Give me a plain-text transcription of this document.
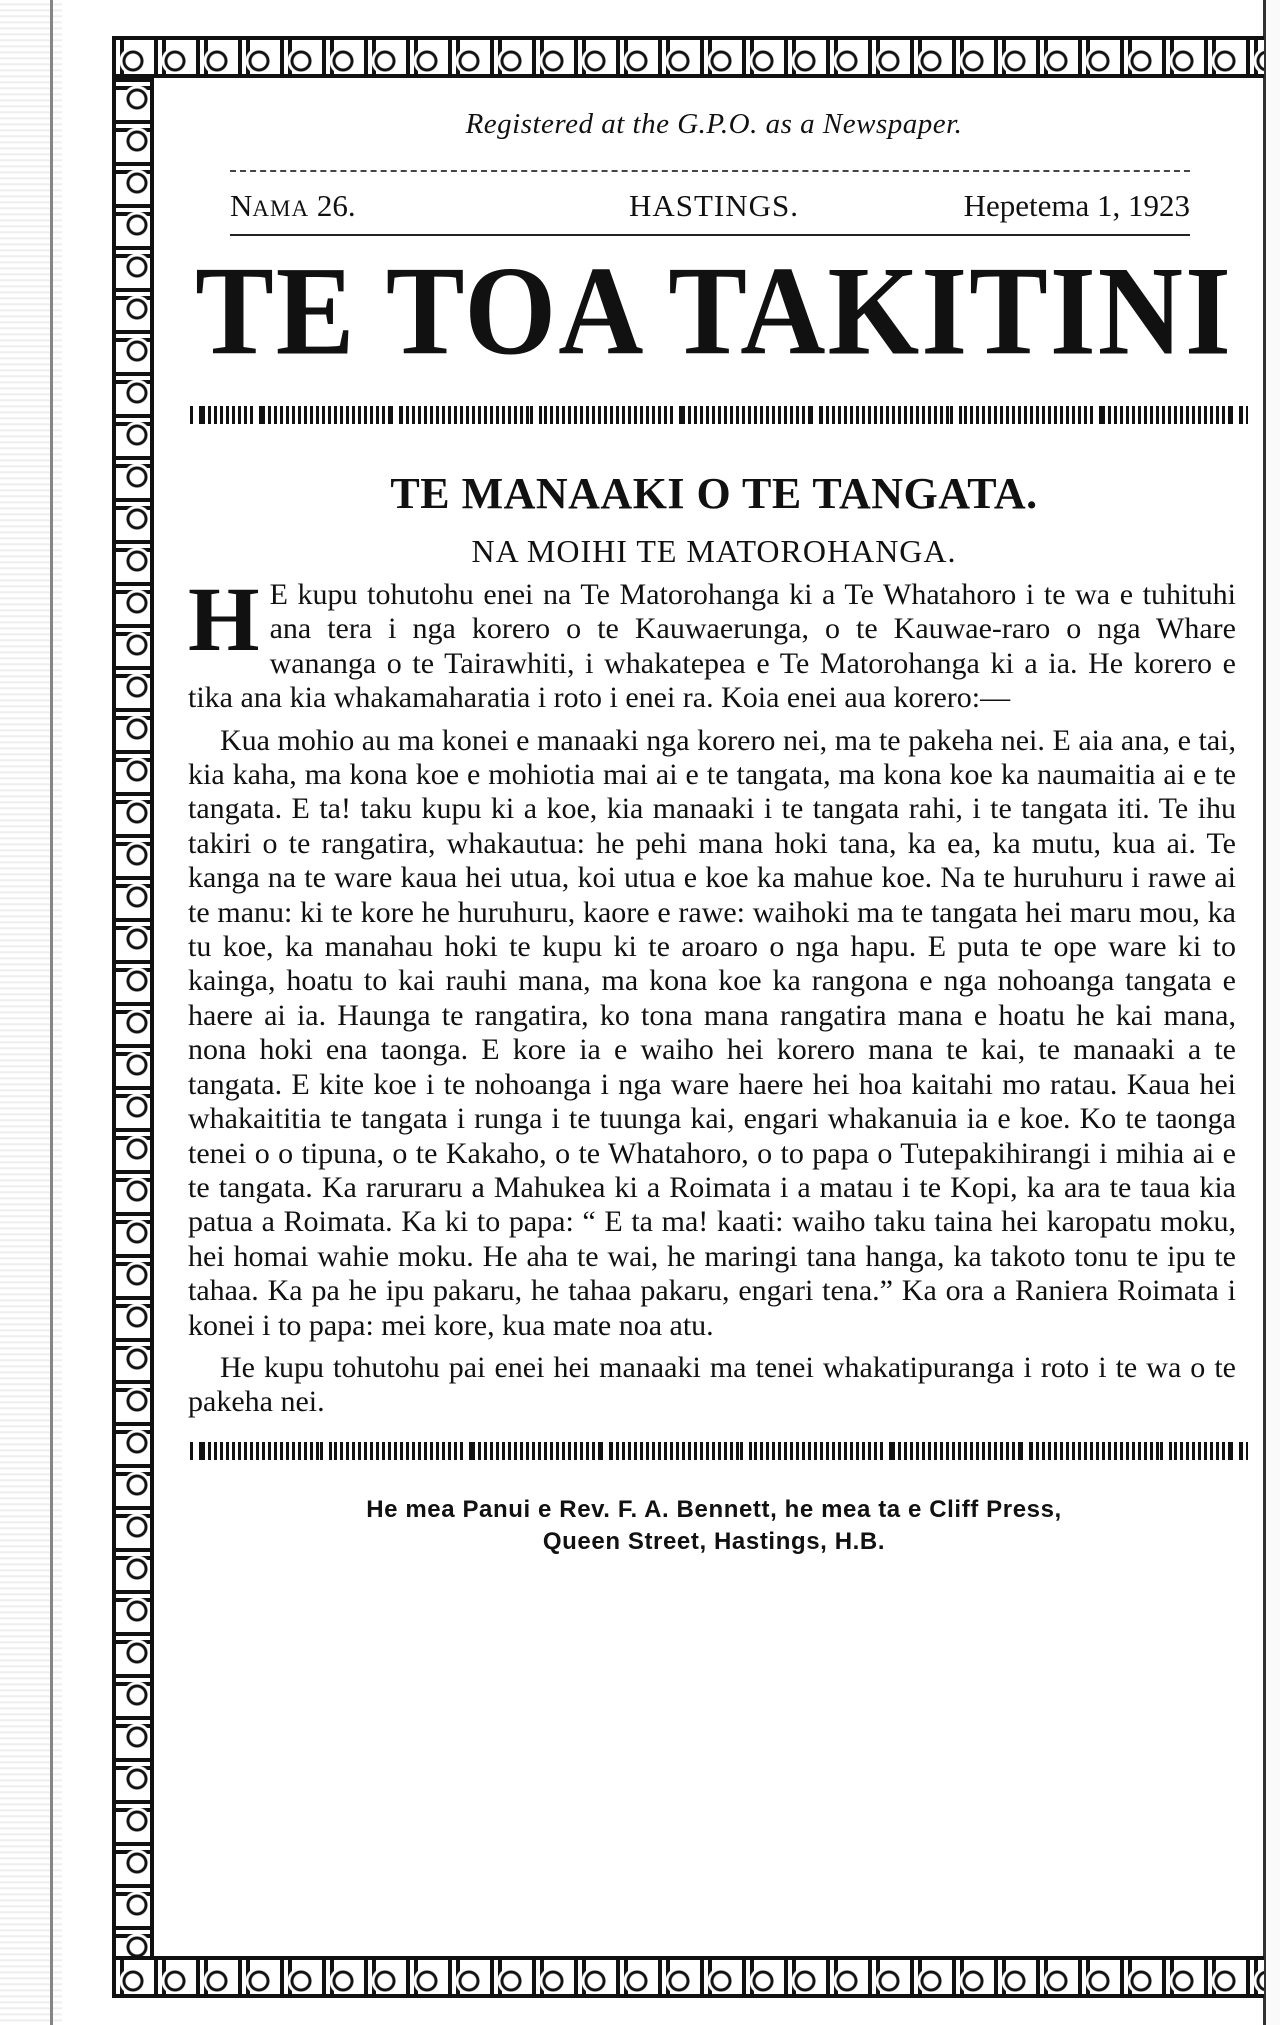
Registered at the G.P.O. as a Newspaper.
NAMA 26.	HASTINGS.	Hepetema 1, 1923
TE TOA TAKITINI
TE MANAAKI O TE TANGATA.
NA MOIHI TE MATOROHANGA.

H E kupu tohutohu enei na Te Matorohanga ki a Te Whatahoro i te wa e tuhituhi ana tera i nga korero o te Kauwaerunga, o te Kauwae-raro o nga Whare wananga o te Tairawhiti, i whakatepea e Te Matorohanga ki a ia. He korero e tika ana kia whakamaharatia i roto i enei ra. Koia enei aua korero:—

Kua mohio au ma konei e manaaki nga korero nei, ma te pakeha nei. E aia ana, e tai, kia kaha, ma kona koe e mohiotia mai ai e te tangata, ma kona koe ka naumaitia ai e te tangata. E ta! taku kupu ki a koe, kia manaaki i te tangata rahi, i te tangata iti. Te ihu takiri o te rangatira, whakautua: he pehi mana hoki tana, ka ea, ka mutu, kua ai. Te kanga na te ware kaua hei utua, koi utua e koe ka mahue koe. Na te huruhuru i rawe ai te manu: ki te kore he huruhuru, kaore e rawe: waihoki ma te tangata hei maru mou, ka tu koe, ka manahau hoki te kupu ki te aroaro o nga hapu. E puta te ope ware ki to kainga, hoatu to kai rauhi mana, ma kona koe ka rangona e nga nohoanga tangata e haere ai ia. Haunga te rangatira, ko tona mana rangatira mana e hoatu he kai mana, nona hoki ena taonga. E kore ia e waiho hei korero mana te kai, te manaaki a te tangata. E kite koe i te nohoanga i nga ware haere hei hoa kaitahi mo ratau. Kaua hei whakaititia te tangata i runga i te tuunga kai, engari whakanuia ia e koe. Ko te taonga tenei o o tipuna, o te Kakaho, o te Whatahoro, o to papa o Tutepakihirangi i mihia ai e te tangata. Ka raruraru a Mahukea ki a Roimata i a matau i te Kopi, ka ara te taua kia patua a Roimata. Ka ki to papa: “ E ta ma! kaati: waiho taku taina hei karopatu moku, hei homai wahie moku. He aha te wai, he maringi tana hanga, ka takoto tonu te ipu te tahaa. Ka pa he ipu pakaru, he tahaa pakaru, engari tena.” Ka ora a Raniera Roimata i konei i to papa: mei kore, kua mate noa atu.

He kupu tohutohu pai enei hei manaaki ma tenei whakatipuranga i roto i te wa o te pakeha nei.

He mea Panui e Rev. F. A. Bennett, he mea ta e Cliff Press,
Queen Street, Hastings, H.B.
